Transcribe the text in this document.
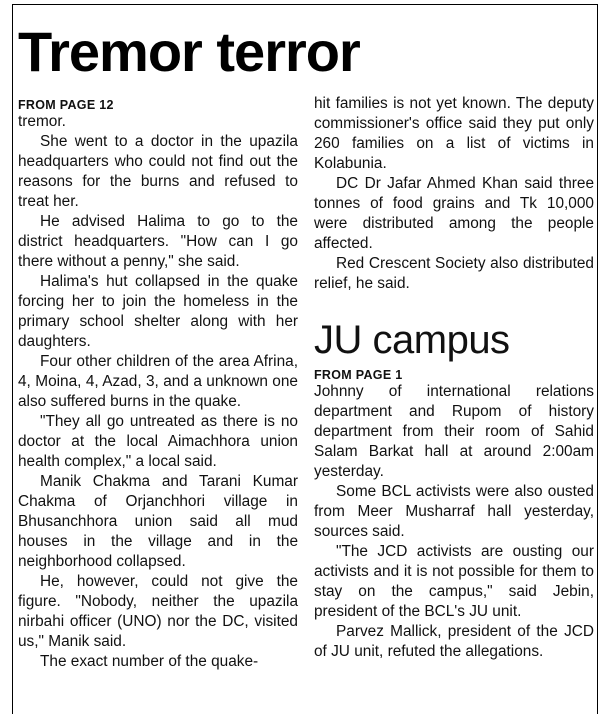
Tremor terror
FROM PAGE 12

tremor.

She went to a doctor in the upazila headquarters who could not find out the reasons for the burns and refused to treat her.

He advised Halima to go to the district headquarters. "How can I go there without a penny," she said.

Halima's hut collapsed in the quake forcing her to join the homeless in the primary school shelter along with her daughters.

Four other children of the area Afrina, 4, Moina, 4, Azad, 3, and a unknown one also suffered burns in the quake.

"They all go untreated as there is no doctor at the local Aimachhora union health complex," a local said.

Manik Chakma and Tarani Kumar Chakma of Orjanchhori village in Bhusanchhora union said all mud houses in the village and in the neighborhood collapsed.

He, however, could not give the figure. "Nobody, neither the upazila nirbahi officer (UNO) nor the DC, visited us," Manik said.

The exact number of the quake-

hit families is not yet known. The deputy commissioner's office said they put only 260 families on a list of victims in Kolabunia.

DC Dr Jafar Ahmed Khan said three tonnes of food grains and Tk 10,000 were distributed among the people affected.

Red Crescent Society also distributed relief, he said.

JU campus
FROM PAGE 1

Johnny of international relations department and Rupom of history department from their room of Sahid Salam Barkat hall at around 2:00am yesterday.

Some BCL activists were also ousted from Meer Musharraf hall yesterday, sources said.

"The JCD activists are ousting our activists and it is not possible for them to stay on the campus," said Jebin, president of the BCL's JU unit.

Parvez Mallick, president of the JCD of JU unit, refuted the allegations.
